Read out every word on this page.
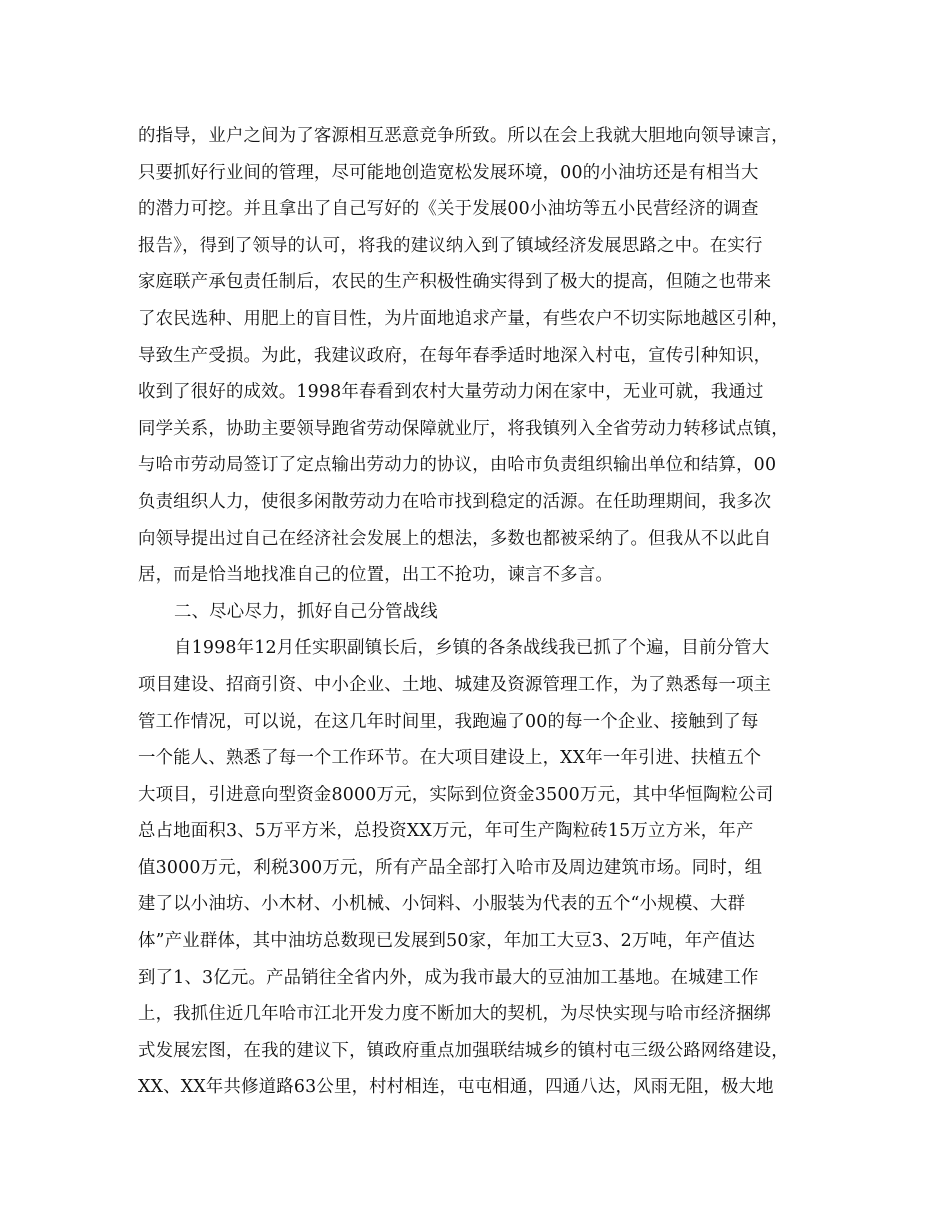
的指导，业户之间为了客源相互恶意竞争所致。所以在会上我就大胆地向领导谏言，
只要抓好行业间的管理，尽可能地创造宽松发展环境，00的小油坊还是有相当大
的潜力可挖。并且拿出了自己写好的《关于发展00小油坊等五小民营经济的调查
报告》，得到了领导的认可，将我的建议纳入到了镇域经济发展思路之中。在实行
家庭联产承包责任制后，农民的生产积极性确实得到了极大的提高，但随之也带来
了农民选种、用肥上的盲目性，为片面地追求产量，有些农户不切实际地越区引种，
导致生产受损。为此，我建议政府，在每年春季适时地深入村屯，宣传引种知识，
收到了很好的成效。1998年春看到农村大量劳动力闲在家中，无业可就，我通过
同学关系，协助主要领导跑省劳动保障就业厅，将我镇列入全省劳动力转移试点镇，
与哈市劳动局签订了定点输出劳动力的协议，由哈市负责组织输出单位和结算，00
负责组织人力，使很多闲散劳动力在哈市找到稳定的活源。在任助理期间，我多次
向领导提出过自己在经济社会发展上的想法，多数也都被采纳了。但我从不以此自
居，而是恰当地找准自己的位置，出工不抢功，谏言不多言。
二、尽心尽力，抓好自己分管战线
自1998年12月任实职副镇长后，乡镇的各条战线我已抓了个遍，目前分管大
项目建设、招商引资、中小企业、土地、城建及资源管理工作，为了熟悉每一项主
管工作情况，可以说，在这几年时间里，我跑遍了00的每一个企业、接触到了每
一个能人、熟悉了每一个工作环节。在大项目建设上，XX年一年引进、扶植五个
大项目，引进意向型资金8000万元，实际到位资金3500万元，其中华恒陶粒公司
总占地面积3、5万平方米，总投资XX万元，年可生产陶粒砖15万立方米，年产
值3000万元，利税300万元，所有产品全部打入哈市及周边建筑市场。同时，组
建了以小油坊、小木材、小机械、小饲料、小服装为代表的五个“小规模、大群
体”产业群体，其中油坊总数现已发展到50家，年加工大豆3、2万吨，年产值达
到了1、3亿元。产品销往全省内外，成为我市最大的豆油加工基地。在城建工作
上，我抓住近几年哈市江北开发力度不断加大的契机，为尽快实现与哈市经济捆绑
式发展宏图，在我的建议下，镇政府重点加强联结城乡的镇村屯三级公路网络建设，
XX、XX年共修道路63公里，村村相连，屯屯相通，四通八达，风雨无阻，极大地
